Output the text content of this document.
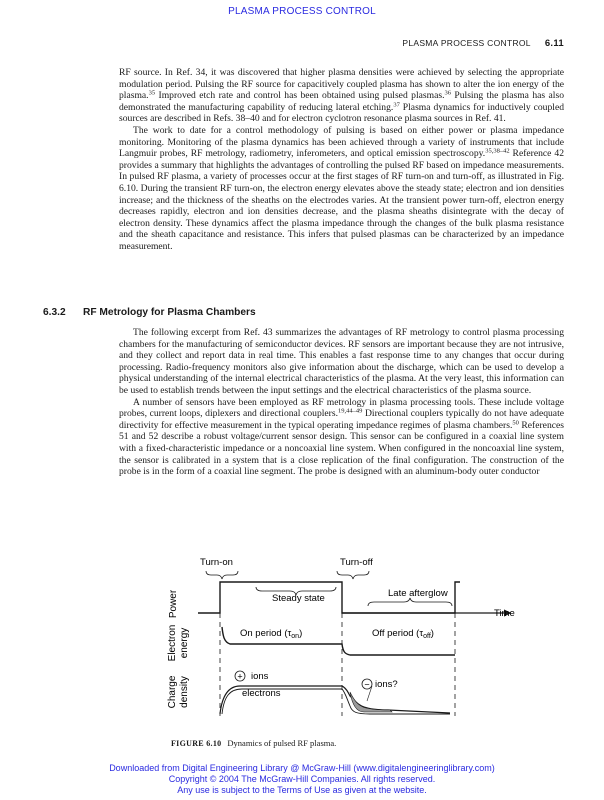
PLASMA PROCESS CONTROL
PLASMA PROCESS CONTROL 6.11

RF source. In Ref. 34, it was discovered that higher plasma densities were achieved by selecting the appropriate modulation period. Pulsing the RF source for capacitively coupled plasma has shown to alter the ion energy of the plasma.$^{35}$ Improved etch rate and control has been obtained using pulsed plasmas.$^{36}$ Pulsing the plasma has also demonstrated the manufacturing capability of reducing lateral etching.$^{37}$ Plasma dynamics for inductively coupled sources are described in Refs. 38–40 and for electron cyclotron resonance plasma sources in Ref. 41.

The work to date for a control methodology of pulsing is based on either power or plasma impedance monitoring. Monitoring of the plasma dynamics has been achieved through a variety of instruments that include Langmuir probes, RF metrology, radiometry, inferometers, and optical emission spectroscopy.$^{35,38-42}$ Reference 42 provides a summary that highlights the advantages of controlling the pulsed RF based on impedance measurements. In pulsed RF plasma, a variety of processes occur at the first stages of RF turn-on and turn-off, as illustrated in Fig. 6.10. During the transient RF turn-on, the electron energy elevates above the steady state; electron and ion densities increase; and the thickness of the sheaths on the electrodes varies. At the transient power turn-off, electron energy decreases rapidly, electron and ion densities decrease, and the plasma sheaths disintegrate with the decay of electron density. These dynamics affect the plasma impedance through the changes of the bulk plasma resistance and the sheath capacitance and resistance. This infers that pulsed plasmas can be characterized by an impedance measurement.

6.3.2 RF Metrology for Plasma Chambers

The following excerpt from Ref. 43 summarizes the advantages of RF metrology to control plasma processing chambers for the manufacturing of semiconductor devices. RF sensors are important because they are not intrusive, and they collect and report data in real time. This enables a fast response time to any changes that occur during processing. Radio-frequency monitors also give information about the discharge, which can be used to develop a physical understanding of the internal electrical characteristics of the plasma. At the very least, this information can be used to establish trends between the input settings and the electrical characteristics of the plasma source.

A number of sensors have been employed as RF metrology in plasma processing tools. These include voltage probes, current loops, diplexers and directional couplers.$^{19,44-49}$ Directional couplers typically do not have adequate directivity for effective measurement in the typical operating impedance regimes of plasma chambers.$^{50}$ References 51 and 52 describe a robust voltage/current sensor design. This sensor can be configured in a coaxial line system with a fixed-characteristic impedance or a noncoaxial line system. When configured in the noncoaxial line system, the sensor is calibrated in a system that is a close replication of the final configuration. The construction of the probe is in the form of a coaxial line segment. The probe is designed with an aluminum-body outer conductor

Power
Electron energy
Charge density
Turn-on	Turn-off
Time
Steady state	Late afterglow
On period $(\tau_{on})$	Off period $(\tau_{off})$
+ ions
electrons
− ions?
FIGURE 6.10 Dynamics of pulsed RF plasma.
Downloaded from Digital Engineering Library @ McGraw-Hill (www.digitalengineeringlibrary.com)
Copyright © 2004 The McGraw-Hill Companies. All rights reserved.
Any use is subject to the Terms of Use as given at the website.
